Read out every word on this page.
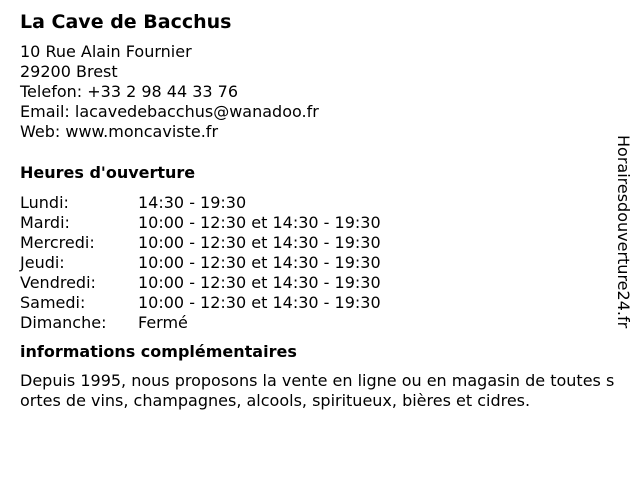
La Cave de Bacchus
10 Rue Alain Fournier
29200 Brest
Telefon: +33 2 98 44 33 76
Email: lacavedebacchus@wanadoo.fr
Web: www.moncaviste.fr
Heures d'ouverture
Lundi:	14:30 - 19:30
Mardi:	10:00 - 12:30 et 14:30 - 19:30
Mercredi:	10:00 - 12:30 et 14:30 - 19:30
Jeudi:	10:00 - 12:30 et 14:30 - 19:30
Vendredi:	10:00 - 12:30 et 14:30 - 19:30
Samedi:	10:00 - 12:30 et 14:30 - 19:30
Dimanche:	Fermé
informations complémentaires
Depuis 1995, nous proposons la vente en ligne ou en magasin de toutes sortes de vins, champagnes, alcools, spiritueux, bières et cidres.
Horairesdouverture24.fr
